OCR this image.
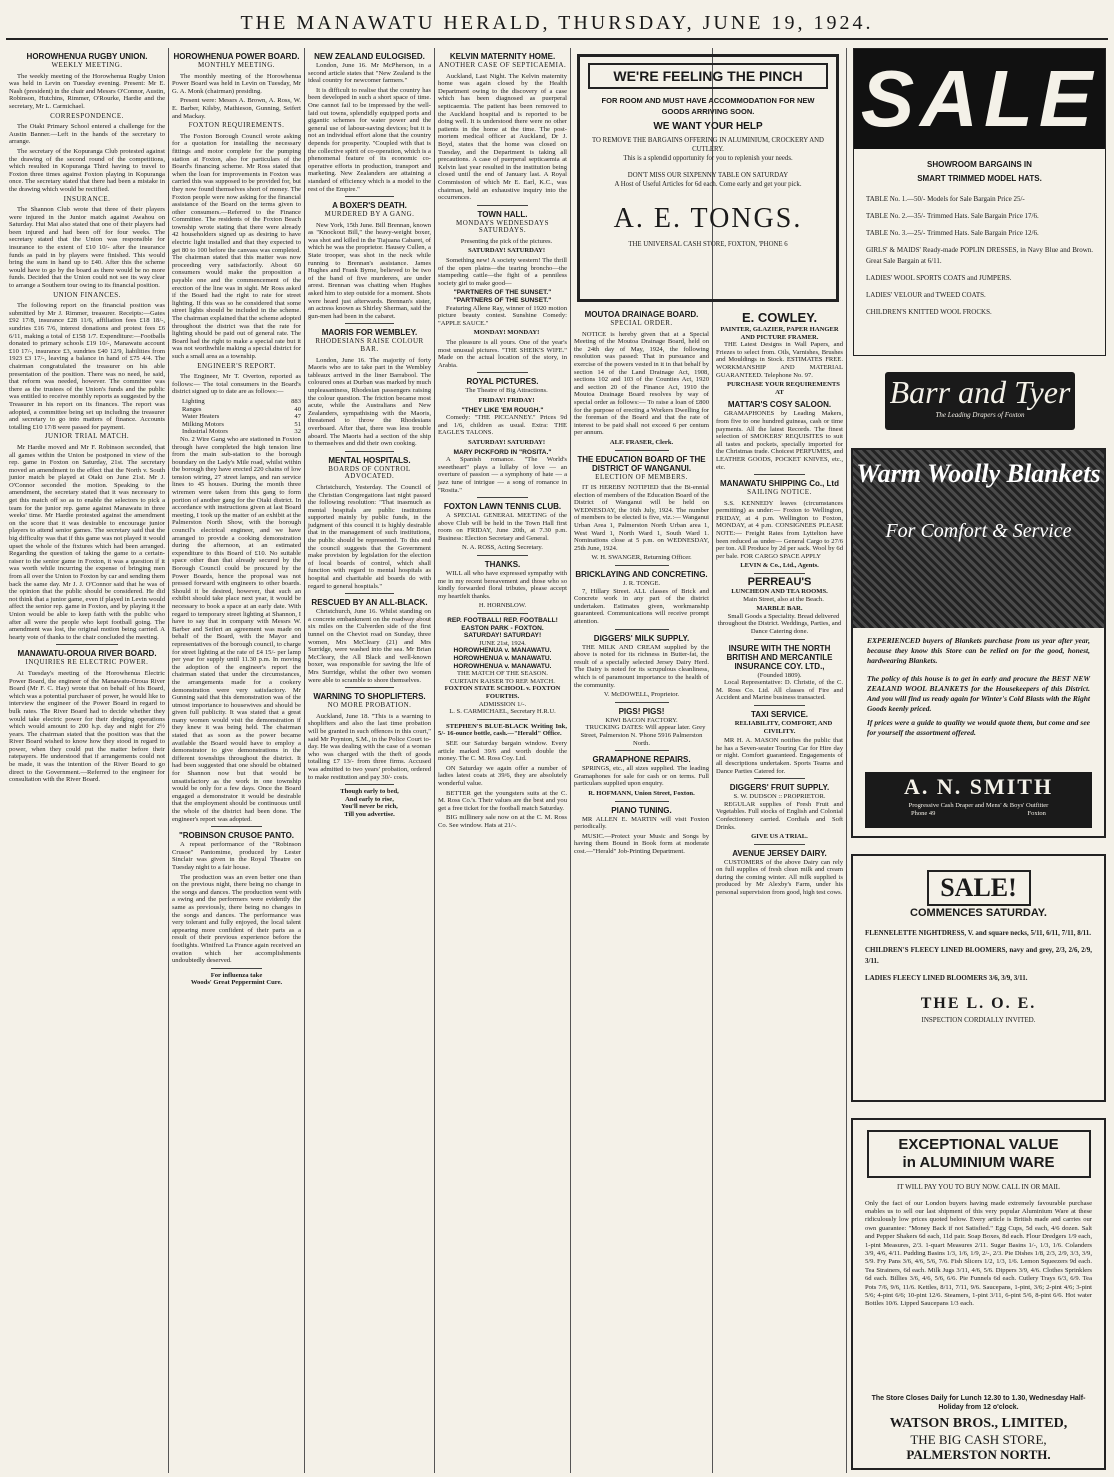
THE MANAWATU HERALD, THURSDAY, JUNE 19, 1924.
HOROWHENUA RUGBY UNION.
WEEKLY MEETING.

The weekly meeting of the Horowhenua Rugby Union was held in Levin on Tuesday evening. Present: Mr E. Nash (president) in the chair and Messrs O'Connor, Austin, Robinson, Hutchins, Rimmer, O'Rourke, Hardie and the secretary, Mr L. Carmichael.

CORRESPONDENCE.

The Otaki Primary School entered a challenge for the Austin Banner.—Left in the hands of the secretary to arrange.

The secretary of the Kopuranga Club protested against the drawing of the second round of the competitions, which resulted in Kopuranga Third having to travel to Foxton three times against Foxton playing in Kopuranga once. The secretary stated that there had been a mistake in the drawing which would be rectified.

INSURANCE.

The Shannon Club wrote that three of their players were injured in the Junior match against Awahou on Saturday. Hui Mai also stated that one of their players had been injured and had been off for four weeks. The secretary stated that the Union was responsible for insurance to the extent of £10 10/- after the insurance funds as paid in by players were finished. This would bring the sum in hand up to £40. After this the scheme would have to go by the board as there would be no more funds. Decided that the Union could not see its way clear to arrange a Southern tour owing to its financial position.

UNION FINANCES.

The following report on the financial position was submitted by Mr J. Rimmer, treasurer. Receipts:—Gates £92 17/8, insurance £28 11/6, affiliation fees £18 18/-, sundries £16 7/6, interest donations and protest fees £6 6/11, making a total of £158 1/7. Expenditure:—Footballs donated to primary schools £19 10/-, Manawatu account £10 17/-, insurance £3, sundries £40 12/9, liabilities from 1923 £3 17/-, leaving a balance in hand of £75 4/4. The chairman congratulated the treasurer on his able presentation of the position. There was no need, he said, that reform was needed, however. The committee was there as the trustees of the Union's funds and the public was entitled to receive monthly reports as suggested by the Treasurer in his report on its finances. The report was adopted, a committee being set up including the treasurer and secretary to go into matters of finance. Accounts totalling £10 17/8 were passed for payment.

JUNIOR TRIAL MATCH.

Mr Hardie moved and Mr F. Robinson seconded, that all games within the Union be postponed in view of the rep. game in Foxton on Saturday, 21st. The secretary moved an amendment to the effect that the North v. South junior match be played at Otaki on June 21st. Mr J. O'Connor seconded the motion. Speaking to the amendment, the secretary stated that it was necessary to get this match off so as to enable the selectors to pick a team for the junior rep. game against Manawatu in three weeks' time. Mr Hardie protested against the amendment on the score that it was desirable to encourage junior players to attend senior games. The secretary said that the big difficulty was that if this game was not played it would upset the whole of the fixtures which had been arranged. Regarding the question of taking the game to a certain-raiser to the senior game in Foxton, it was a question if it was worth while incurring the expense of bringing men from all over the Union to Foxton by car and sending them back the same day. Mr J. J. O'Connor said that he was of the opinion that the public should be considered. He did not think that a junior game, even if played in Levin would affect the senior rep. game in Foxton, and by playing it the Union would be able to keep faith with the public who after all were the people who kept football going. The amendment was lost, the original motion being carried. A hearty vote of thanks to the chair concluded the meeting.

MANAWATU-OROUA RIVER BOARD.
INQUIRIES RE ELECTRIC POWER.

At Tuesday's meeting of the Horowhenua Electric Power Board, the engineer of the Manawatu-Oroua River Board (Mr F. C. Hay) wrote that on behalf of his Board, which was a potential purchaser of power, he would like to interview the engineer of the Power Board in regard to bulk rates. The River Board had to decide whether they would take electric power for their dredging operations which would amount to 200 h.p. day and night for 2½ years. The chairman stated that the position was that the River Board wished to know how they stood in regard to power, when they could put the matter before their ratepayers. He understood that if arrangements could not be made, it was the intention of the River Board to go direct to the Government.—Referred to the engineer for consultation with the River Board.

HOROWHENUA POWER BOARD.
MONTHLY MEETING.

The monthly meeting of the Horowhenua Power Board was held in Levin on Tuesday, Mr G. A. Monk (chairman) presiding.

Present were: Messrs A. Brown, A. Ross, W. E. Barber, Kilsby, Mathieson, Gunning, Seifert and Mackay.

FOXTON REQUIREMENTS.

The Foxton Borough Council wrote asking for a quotation for installing the necessary fittings and motor complete for the pumping station at Foxton, also for particulars of the Board's financing scheme. Mr Ross stated that when the loan for improvements in Foxton was carried this was supposed to be provided for, but they now found themselves short of money. The Foxton people were now asking for the financial assistance of the Board on the terms given to other consumers.—Referred to the Finance Committee. The residents of the Foxton Beach township wrote stating that there were already 42 householders signed up as desiring to have electric light installed and that they expected to get 80 to 100 before the canvass was completed. The chairman stated that this matter was now proceeding very satisfactorily. About 60 consumers would make the proposition a payable one and the commencement of the erection of the line was in sight. Mr Ross asked if the Board had the right to rate for street lighting. If this was so he considered that some street lights should be included in the scheme. The chairman explained that the scheme adopted throughout the district was that the rate for lighting should be paid out of general rate. The Board had the right to make a special rate but it was not worthwhile making a special district for such a small area as a township.

ENGINEER'S REPORT.

The Engineer, Mr T. Overton, reported as follows:— The total consumers in the Board's district signed up to date are as follows:—

Lighting	883
Ranges	40
Water Heaters	47
Milking Motors	51
Industrial Motors	32

No. 2 Wire Gang who are stationed in Foxton through have completed the high tension line from the main sub-station to the borough boundary on the Lady's Mile road, whilst within the borough they have erected 220 chains of low tension wiring, 27 street lamps, and ran service lines to 45 houses. During the month three wiremen were taken from this gang to form portion of another gang for the Otaki district. In accordance with instructions given at last Board meeting, I took up the matter of an exhibit at the Palmerston North Show, with the borough council's electrical engineer, and we have arranged to provide a cooking demonstration during the afternoon, at an estimated expenditure to this Board of £10. No suitable space other than that already secured by the Borough Council could be procured by the Power Boards, hence the proposal was not pressed forward with engineers to other boards. Should it be desired, however, that such an exhibit should take place next year, it would be necessary to book a space at an early date. With regard to temporary street lighting at Shannon, I have to say that in company with Messrs W. Barber and Seifert an agreement was made on behalf of the Board, with the Mayor and representatives of the borough council, to charge for street lighting at the rate of £4 15/- per lamp per year for supply until 11.30 p.m. In moving the adoption of the engineer's report the chairman stated that under the circumstances, the arrangements made for a cookery demonstration were very satisfactory. Mr Gunning said that this demonstration was of the utmost importance to housewives and should be given full publicity. It was stated that a great many women would visit the demonstration if they knew it was being held. The chairman stated that as soon as the power became available the Board would have to employ a demonstrator to give demonstrations in the different townships throughout the district. It had been suggested that one should be obtained for Shannon now but that would be unsatisfactory as the work in one township would be only for a few days. Once the Board engaged a demonstrator it would be desirable that the employment should be continuous until the whole of the district had been done. The engineer's report was adopted.

"ROBINSON CRUSOE PANTO.

A repeat performance of the "Robinson Crusoe" Pantomime, produced by Lester Sinclair was given in the Royal Theatre on Tuesday night to a fair house.

The production was an even better one than on the previous night, there being no change in the songs and dances. The production went with a swing and the performers were evidently the same as previously, there being no changes in the songs and dances. The performance was very tolerant and fully enjoyed, the local talent appearing more confident of their parts as a result of their previous experience before the footlights. Winifred La France again received an ovation which her accomplishments undoubtedly deserved.

For influenza take
Woods' Great Peppermint Cure.
NEW ZEALAND EULOGISED.

London, June 16. Mr McPherson, in a second article states that "New Zealand is the ideal country for newcomer farmers."

It is difficult to realise that the country has been developed in such a short space of time. One cannot fail to be impressed by the well-laid out towns, splendidly equipped ports and gigantic schemes for water power and the general use of labour-saving devices; but it is not an individual effort alone that the country depends for prosperity. "Coupled with that is the collective spirit of co-operation, which is a phenomenal feature of its economic co-operative efforts in production, transport and marketing. New Zealanders are attaining a standard of efficiency which is a model to the rest of the Empire."

A BOXER'S DEATH.
MURDERED BY A GANG.

New York, 15th June. Bill Brennan, known as "Knockout Bill," the heavy-weight boxer, was shot and killed in the Tiajuana Cabaret, of which he was the proprietor. Hausey Cullen, a State trooper, was shot in the neck while running to Brennan's assistance. James Hughes and Frank Byrne, believed to be two of the band of five murderers, are under arrest. Brennan was chatting when Hughes asked him to step outside for a moment. Shots were heard just afterwards. Brennan's sister, an actress known as Shirley Sherman, said the gun-men had been in the cabaret.

MAORIS FOR WEMBLEY.
RHODESIANS RAISE COLOUR BAR.

London, June 16. The majority of forty Maoris who are to take part in the Wembley tableaux arrived in the liner Barrabool. The coloured ones at Durban was marked by much unpleasantness, Rhodesian passengers raising the colour question. The friction became most acute, while the Australians and New Zealanders, sympathising with the Maoris, threatened to throw the Rhodesians overboard. After that, there was less trouble aboard. The Maoris had a section of the ship to themselves and did their own cooking.

MENTAL HOSPITALS.
BOARDS OF CONTROL ADVOCATED.

Christchurch, Yesterday. The Council of the Christian Congregations last night passed the following resolution: "That inasmuch as mental hospitals are public institutions supported mainly by public funds, in the judgment of this council it is highly desirable that in the management of such institutions, the public should be represented. To this end the council suggests that the Government make provision by legislation for the election of local boards of control, which shall function with regard to mental hospitals as hospital and charitable aid boards do with regard to general hospitals."

RESCUED BY AN ALL-BLACK.

Christchurch, June 16. Whilst standing on a concrete embankment on the roadway about six miles on the Culverden side of the first tunnel on the Cheviot road on Sunday, three women, Mrs McCleary (21) and Mrs Surridge, were washed into the sea. Mr Brian McCleary, the All Black and well-known boxer, was responsible for saving the life of Mrs Surridge, whilst the other two women were able to scramble to shore themselves.

WARNING TO SHOPLIFTERS.
NO MORE PROBATION.

Auckland, June 18. "This is a warning to shoplifters and also the last time probation will be granted in such offences in this court," said Mr Poynton, S.M., in the Police Court to-day. He was dealing with the case of a woman who was charged with the theft of goods totalling £7 13/- from three firms. Accused was admitted to two years' probation, ordered to make restitution and pay 30/- costs.

Though early to bed,
And early to rise,
You'll never be rich,
Till you advertise.
KELVIN MATERNITY HOME.
ANOTHER CASE OF SEPTICAEMIA.

Auckland, Last Night. The Kelvin maternity home was again closed by the Health Department owing to the discovery of a case which has been diagnosed as puerperal septicaemia. The patient has been removed to the Auckland hospital and is reported to be doing well. It is understood there were no other patients in the home at the time. The post-mortem medical officer at Auckland, Dr J. Boyd, states that the home was closed on Tuesday, and the Department is taking all precautions. A case of puerperal septicaemia at Kelvin last year resulted in the institution being closed until the end of January last. A Royal Commission of which Mr E. Earl, K.C., was chairman, held an exhaustive inquiry into the occurrences.

TOWN HALL.
MONDAYS WEDNESDAYS SATURDAYS.

Presenting the pick of the pictures.

SATURDAY! SATURDAY!

Something new! A society western! The thrill of the open plains—the tearing broncho—the stampeding cattle—the fight of a penniless society girl to make good—

"PARTNERS OF THE SUNSET."
"PARTNERS OF THE SUNSET."

Featuring Allene Ray, winner of 1920 motion picture beauty contest. Sunshine Comedy: "APPLE SAUCE."

MONDAY! MONDAY!

The pleasure is all yours. One of the year's most unusual pictures. "THE SHEIK'S WIFE." Made on the actual location of the story, in Arabia.

ROYAL PICTURES.

The Theatre of Big Attractions.

FRIDAY! FRIDAY!

"THEY LIKE 'EM ROUGH."

Comedy: "THE PICCANNEY." Prices 9d and 1/6, children as usual. Extra: THE EAGLE'S TALONS.

SATURDAY! SATURDAY!

MARY PICKFORD IN "ROSITA."

A Spanish romance. "The World's sweetheart" plays a lullaby of love — an overture of passion — a symphony of hate — a jazz tune of intrigue — a song of romance in "Rosita."

FOXTON LAWN TENNIS CLUB.

A SPECIAL GENERAL MEETING of the above Club will be held in the Town Hall first room on FRIDAY, June 20th, at 7.30 p.m. Business: Election Secretary and General.

N. A. ROSS, Acting Secretary.
THANKS.

WILL all who have expressed sympathy with me in my recent bereavement and those who so kindly forwarded floral tributes, please accept my heartfelt thanks.

H. HORNBLOW.
REP. FOOTBALL! REP. FOOTBALL!
EASTON PARK - FOXTON.
SATURDAY! SATURDAY!
JUNE 21st, 1924.
HOROWHENUA v. MANAWATU.
HOROWHENUA v. MANAWATU.
HOROWHENUA v. MANAWATU.
THE MATCH OF THE SEASON.
CURTAIN RAISER TO REP. MATCH.
FOXTON STATE SCHOOL v. FOXTON FOURTHS.
ADMISSION 1/-.
L. S. CARMICHAEL, Secretary H.R.U.

STEPHEN'S BLUE-BLACK Writing Ink, 5/- 16-ounce bottle, cash.—"Herald" Office.

SEE our Saturday bargain window. Every article marked 39/6 and worth double the money. The C. M. Ross Coy. Ltd.

ON Saturday we again offer a number of ladies latest coats at 39/6, they are absolutely wonderful value.

BETTER get the youngsters suits at the C. M. Ross Co.'s. Their values are the best and you get a free ticket for the football match Saturday.

BIG millinery sale now on at the C. M. Ross Co. See window. Hats at 21/-.

MOUTOA DRAINAGE BOARD.
SPECIAL ORDER.

NOTICE is hereby given that at a Special Meeting of the Moutoa Drainage Board, held on the 24th day of May, 1924, the following resolution was passed: That in pursuance and exercise of the powers vested in it in that behalf by section 14 of the Land Drainage Act, 1908, sections 102 and 103 of the Counties Act, 1920 and section 20 of the Finance Act, 1910 the Moutoa Drainage Board resolves by way of special order as follows:— To raise a loan of £800 for the purpose of erecting a Workers Dwelling for the foreman of the Board and that the rate of interest to be paid shall not exceed 6 per centum per annum.

ALF. FRASER, Clerk.
THE EDUCATION BOARD OF THE DISTRICT OF WANGANUI.
ELECTION OF MEMBERS.

IT IS HEREBY NOTIFIED that the Bi-ennial election of members of the Education Board of the District of Wanganui will be held on WEDNESDAY, the 16th July, 1924. The number of members to be elected is five, viz.:— Wanganui Urban Area 1, Palmerston North Urban area 1, West Ward 1, North Ward 1, South Ward 1. Nominations close at 5 p.m. on WEDNESDAY, 25th June, 1924.

W. H. SWANGER, Returning Officer.
BRICKLAYING AND CONCRETING.
J. R. TONGE.

7, Hillary Street. ALL classes of Brick and Concrete work in any part of the district undertaken. Estimates given, workmanship guaranteed. Communications will receive prompt attention.

DIGGERS' MILK SUPPLY.

THE MILK AND CREAM supplied by the above is noted for its richness in Butter-fat, the result of a specially selected Jersey Dairy Herd. The Dairy is noted for its scrupulous cleanliness, which is of paramount importance to the health of the community.

V. McDOWELL, Proprietor.
PIGS! PIGS!
KIWI BACON FACTORY.

TRUCKING DATES: Will appear later. Grey Street, Palmerston N. 'Phone 5916 Palmerston North.

GRAMAPHONE REPAIRS.

SPRINGS, etc., all sizes supplied. The leading Gramaphones for sale for cash or on terms. Full particulars supplied upon enquiry.

R. HOFMANN, Union Street, Foxton.
PIANO TUNING.

MR ALLEN E. MARTIN will visit Foxton periodically.

MUSIC.—Protect your Music and Songs by having them Bound in Book form at moderate cost.—"Herald" Job-Printing Department.

WE'RE FEELING THE PINCH
FOR ROOM AND MUST HAVE ACCOMMODATION FOR NEW GOODS ARRIVING SOON.
WE WANT YOUR HELP
TO REMOVE THE BARGAINS OFFERING IN ALUMINIUM, CROCKERY AND CUTLERY.
This is a splendid opportunity for you to replenish your needs.
DON'T MISS OUR SIXPENNY TABLE ON SATURDAY
A Host of Useful Articles for 6d each. Come early and get your pick.
A. E. TONGS.
THE UNIVERSAL CASH STORE, FOXTON, 'PHONE 6
E. COWLEY.
PAINTER, GLAZIER, PAPER HANGER AND PICTURE FRAMER.

THE Latest Designs in Wall Papers, and Friezes to select from. Oils, Varnishes, Brushes and Mouldings in Stock. ESTIMATES FREE. WORKMANSHIP AND MATERIAL GUARANTEED. Telephone No. 97.

PURCHASE YOUR REQUIREMENTS AT

MATTAR'S COSY SALOON.

GRAMAPHONES by Leading Makers, from five to one hundred guineas, cash or time payments. All the latest Records. The finest selection of SMOKERS' REQUISITES to suit all tastes and pockets, specially imported for the Christmas trade. Choicest PERFUMES, and LEATHER GOODS, POCKET KNIVES, etc., etc.

MANAWATU SHIPPING Co., Ltd
SAILING NOTICE.

S.S. KENNEDY leaves (circumstances permitting) as under:— Foxton to Wellington, FRIDAY, at 4 p.m. Wellington to Foxton, MONDAY, at 4 p.m. CONSIGNEES PLEASE NOTE:— Freight Rates from Lyttelton have been reduced as under— General Cargo to 27/6 per ton. All Produce by 2d per sack. Wool by 6d per bale. FOR CARGO SPACE APPLY

LEVIN & Co., Ltd., Agents.
PERREAU'S
LUNCHEON AND TEA ROOMS.

Main Street, also at the Beach.

MARBLE BAR.

Small Goods a Speciality. Bread delivered throughout the District. Weddings, Parties, and Dance Catering done.

INSURE WITH THE NORTH BRITISH AND MERCANTILE INSURANCE COY. LTD.,
(Founded 1809).

Local Representative: D. Christie, of the C. M. Ross Co. Ltd. All classes of Fire and Accident and Marine business transacted.

TAXI SERVICE.

RELIABILITY, COMFORT, AND CIVILITY.

MR H. A. MASON notifies the public that he has a Seven-seater Touring Car for Hire day or night. Comfort guaranteed. Engagements of all descriptions undertaken. Sports Teams and Dance Parties Catered for.

DIGGERS' FRUIT SUPPLY.
S. W. DUDSON :: PROPRIETOR.

REGULAR supplies of Fresh Fruit and Vegetables. Full stocks of English and Colonial Confectionery carried. Cordials and Soft Drinks.

GIVE US A TRIAL.
AVENUE JERSEY DAIRY.

CUSTOMERS of the above Dairy can rely on full supplies of fresh clean milk and cream during the coming winter. All milk supplied is produced by Mr Alexby's Farm, under his personal supervision from good, high test cows.

SALE
SHOWROOM BARGAINS IN
SMART TRIMMED MODEL HATS.
TABLE No. 1.—50/- Models for Sale Bargain Price 25/-
TABLE No. 2.—35/- Trimmed Hats. Sale Bargain Price 17/6.
TABLE No. 3.—25/- Trimmed Hats. Sale Bargain Price 12/6.
GIRLS' & MAIDS' Ready-made POPLIN DRESSES, in Navy Blue and Brown. Great Sale Bargain at 6/11.
LADIES' WOOL SPORTS COATS and JUMPERS.
LADIES' VELOUR and TWEED COATS.
CHILDREN'S KNITTED WOOL FROCKS.
Barr and Tyer
The Leading Drapers of Foxton
Warm Woolly Blankets
For Comfort & Service
EXPERIENCED buyers of Blankets purchase from us year after year, because they know this Store can be relied on for the good, honest, hardwearing Blankets.
The policy of this house is to get in early and procure the BEST NEW ZEALAND WOOL BLANKETS for the Housekeepers of this District. And you will find us ready again for Winter's Cold Blasts with the Right Goods keenly priced.
If prices were a guide to quality we would quote them, but come and see for yourself the assortment offered.
A. N. SMITH
Progressive Cash Draper and Mens' & Boys' Outfitter
Phone 49	Foxton
SALE!
COMMENCES SATURDAY.
FLENNELETTE NIGHTDRESS, V. and square necks, 5/11, 6/11, 7/11, 8/11.
CHILDREN'S FLEECY LINED BLOOMERS, navy and grey, 2/3, 2/6, 2/9, 3/11.
LADIES FLEECY LINED BLOOMERS 3/6, 3/9, 3/11.
THE L. O. E.
INSPECTION CORDIALLY INVITED.
EXCEPTIONAL VALUE
in ALUMINIUM WARE
IT WILL PAY YOU TO BUY NOW. CALL IN OR MAIL
Only the fact of our London buyers having made extremely favourable purchase enables us to sell our last shipment of this very popular Aluminium Ware at these ridiculously low prices quoted below. Every article is British made and carries our own guarantee: "Money Back if not Satisfied." Egg Cups, 5d each, 4/6 dozen. Salt and Pepper Shakers 6d each, 11d pair. Soap Boxes, 8d each. Flour Dredgers 1/9 each, 1-pint Measures, 2/3. 1-quart Measures 2/11. Sugar Basins 1/-, 1/3, 1/6. Colanders 3/9, 4/6, 4/11. Pudding Basins 1/3, 1/6, 1/9, 2/-, 2/3. Pie Dishes 1/8, 2/3, 2/9, 3/3, 3/9, 5/9. Fry Pans 3/6, 4/6, 5/6, 7/6. Fish Slicers 1/2, 1/3, 1/6. Lemon Squeezers 9d each. Tea Strainers, 6d each. Milk Jugs 3/11, 4/6, 5/6. Dippers 3/9, 4/6. Clothes Sprinklers 6d each. Billies 3/6, 4/6, 5/6, 6/6. Pie Funnels 6d each. Cutlery Trays 6/3, 6/9. Tea Pots 7/6, 9/6, 11/6. Kettles, 8/11, 7/11, 9/6. Saucepans, 1-pint, 3/6; 2-pint 4/6; 3-pint 5/6; 4-pint 6/6; 10-pint 12/6. Steamers, 1-pint 3/11, 6-pint 5/6, 8-pint 6/6. Hot water Bottles 10/6. Lipped Saucepans 1/3 each.
The Store Closes Daily for Lunch 12.30 to 1.30, Wednesday Half-Holiday from 12 o'clock.
WATSON BROS., LIMITED,
THE BIG CASH STORE,
PALMERSTON NORTH.
